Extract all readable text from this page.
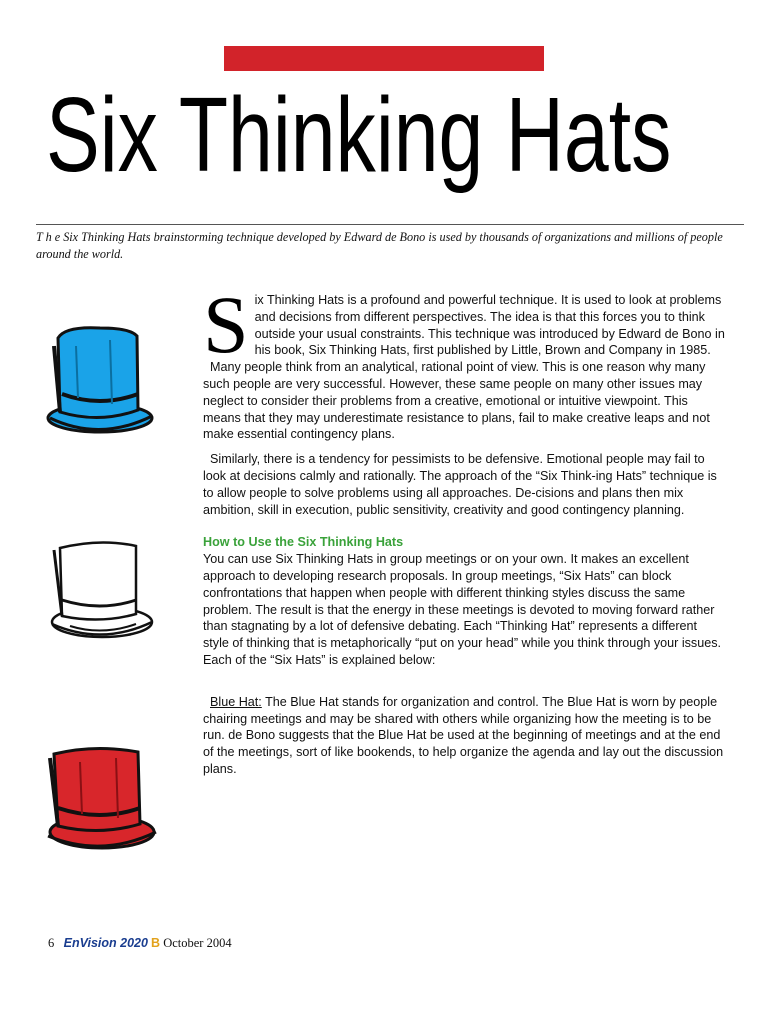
Six Thinking Hats
T h e Six Thinking Hats brainstorming technique developed by Edward de Bono is used by thousands of organizations and millions of people around the world.

Six Thinking Hats is a profound and powerful technique. It is used to look at problems and decisions from different perspectives. The idea is that this forces you to think outside your usual constraints. This technique was introduced by Edward de Bono in his book, Six Thinking Hats, first published by Little, Brown and Company in 1985.

Many people think from an analytical, rational point of view. This is one reason why many such people are very successful. However, these same people on many other issues may neglect to consider their problems from a creative, emotional or intuitive viewpoint. This means that they may underestimate resistance to plans, fail to make creative leaps and not make essential contingency plans.

Similarly, there is a tendency for pessimists to be defensive. Emotional people may fail to look at decisions calmly and rationally. The approach of the “Six Think-ing Hats” technique is to allow people to solve problems using all approaches. De-cisions and plans then mix ambition, skill in execution, public sensitivity, creativity and good contingency planning.

How to Use the Six Thinking Hats

You can use Six Thinking Hats in group meetings or on your own. It makes an excellent approach to developing research proposals. In group meetings, “Six Hats” can block confrontations that happen when people with different thinking styles discuss the same problem. The result is that the energy in these meetings is devoted to moving forward rather than stagnating by a lot of defensive debating. Each “Thinking Hat” represents a different style of thinking that is metaphorically “put on your head” while you think through your issues. Each of the “Six Hats” is explained below:

Blue Hat: The Blue Hat stands for organization and control. The Blue Hat is worn by people chairing meetings and may be shared with others while organizing how the meeting is to be run. de Bono suggests that the Blue Hat be used at the beginning of meetings and at the end of the meetings, sort of like bookends, to help organize the agenda and lay out the discussion plans.

6 EnVision 2020 B October 2004
